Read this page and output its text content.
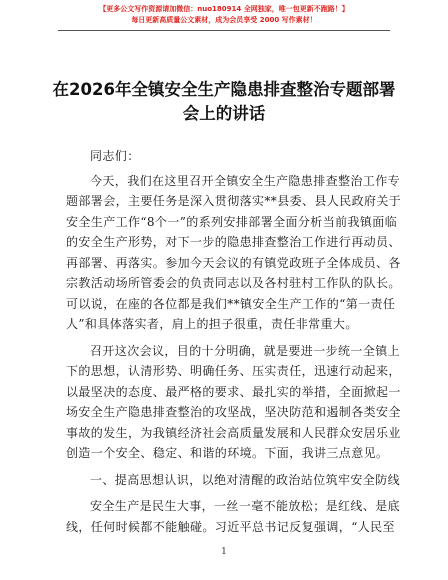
【更多公文写作资源请加微信：nuo180914 全网独家，唯一包更新不跑路！】
每日更新高质量公文素材，成为会员享受 2000 写作素材！
在2026年全镇安全生产隐患排查整治专题部署会上的讲话

同志们：

今天，我们在这里召开全镇安全生产隐患排查整治工作专
题部署会，主要任务是深入贯彻落实**县委、县人民政府关于
安全生产工作“8个一”的系列安排部署全面分析当前我镇面临
的安全生产形势，对下一步的隐患排查整治工作进行再动员、
再部署、再落实。参加今天会议的有镇党政班子全体成员、各
宗教活动场所管委会的负责同志以及各村驻村工作队的队长。
可以说，在座的各位都是我们**镇安全生产工作的“第一责任
人”和具体落实者，肩上的担子很重，责任非常重大。

召开这次会议，目的十分明确，就是要进一步统一全镇上
下的思想，认清形势、明确任务、压实责任，迅速行动起来，
以最坚决的态度、最严格的要求、最扎实的举措，全面掀起一
场安全生产隐患排查整治的攻坚战，坚决防范和遏制各类安全
事故的发生，为我镇经济社会高质量发展和人民群众安居乐业
创造一个安全、稳定、和谐的环境。下面，我讲三点意见。

一、提高思想认识，以绝对清醒的政治站位筑牢安全防线

安全生产是民生大事，一丝一毫不能放松；是红线、是底
线，任何时候都不能触碰。习近平总书记反复强调，“人民至

1
